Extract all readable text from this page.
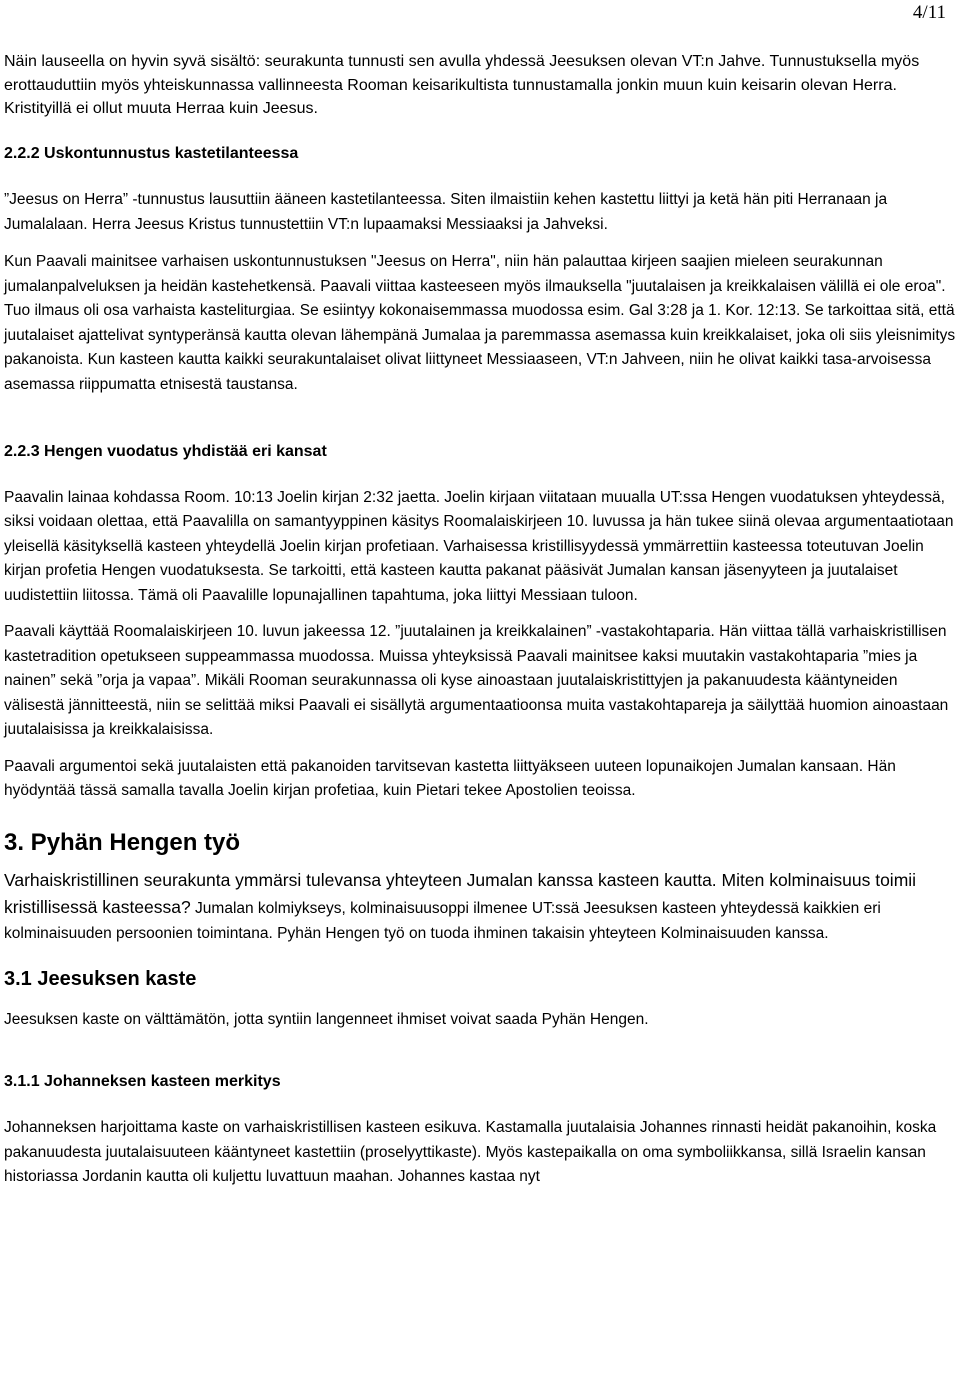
4/11

Näin lauseella on hyvin syvä sisältö: seurakunta tunnusti sen avulla yhdessä Jeesuksen olevan VT:n Jahve. Tunnustuksella myös erottauduttiin myös yhteiskunnassa vallinneesta Rooman keisarikultista tunnustamalla jonkin muun kuin keisarin olevan Herra. Kristityillä ei ollut muuta Herraa kuin Jeesus.

2.2.2 Uskontunnustus kastetilanteessa

”Jeesus on Herra” -tunnustus lausuttiin ääneen kastetilanteessa. Siten ilmaistiin kehen kastettu liittyi ja ketä hän piti Herranaan ja Jumalalaan. Herra Jeesus Kristus tunnustettiin VT:n lupaamaksi Messiaaksi ja Jahveksi.

Kun Paavali mainitsee varhaisen uskontunnustuksen "Jeesus on Herra", niin hän palauttaa kirjeen saajien mieleen seurakunnan jumalanpalveluksen ja heidän kastehetkensä. Paavali viittaa kasteeseen myös ilmauksella "juutalaisen ja kreikkalaisen välillä ei ole eroa". Tuo ilmaus oli osa varhaista kasteliturgiaa. Se esiintyy kokonaisemmassa muodossa esim. Gal 3:28 ja 1. Kor. 12:13. Se tarkoittaa sitä, että juutalaiset ajattelivat syntyperänsä kautta olevan lähempänä Jumalaa ja paremmassa asemassa kuin kreikkalaiset, joka oli siis yleisnimitys pakanoista. Kun kasteen kautta kaikki seurakuntalaiset olivat liittyneet Messiaaseen, VT:n Jahveen, niin he olivat kaikki tasa-arvoisessa asemassa riippumatta etnisestä taustansa.

2.2.3 Hengen vuodatus yhdistää eri kansat

Paavalin lainaa kohdassa Room. 10:13 Joelin kirjan 2:32 jaetta. Joelin kirjaan viitataan muualla UT:ssa Hengen vuodatuksen yhteydessä, siksi voidaan olettaa, että Paavalilla on samantyyppinen käsitys Roomalaiskirjeen 10. luvussa ja hän tukee siinä olevaa argumentaatiotaan yleisellä käsityksellä kasteen yhteydellä Joelin kirjan profetiaan. Varhaisessa kristillisyydessä ymmärrettiin kasteessa toteutuvan Joelin kirjan profetia Hengen vuodatuksesta. Se tarkoitti, että kasteen kautta pakanat pääsivät Jumalan kansan jäsenyyteen ja juutalaiset uudistettiin liitossa. Tämä oli Paavalille lopunajallinen tapahtuma, joka liittyi Messiaan tuloon.

Paavali käyttää Roomalaiskirjeen 10. luvun jakeessa 12. ”juutalainen ja kreikkalainen” -vastakohtaparia. Hän viittaa tällä varhaiskristillisen kastetradition opetukseen suppeammassa muodossa. Muissa yhteyksissä Paavali mainitsee kaksi muutakin vastakohtaparia ”mies ja nainen” sekä ”orja ja vapaa”. Mikäli Rooman seurakunnassa oli kyse ainoastaan juutalaiskristittyjen ja pakanuudesta kääntyneiden välisestä jännitteestä, niin se selittää miksi Paavali ei sisällytä argumentaatioonsa muita vastakohtapareja ja säilyttää huomion ainoastaan juutalaisissa ja kreikkalaisissa.

Paavali argumentoi sekä juutalaisten että pakanoiden tarvitsevan kastetta liittyäkseen uuteen lopunaikojen Jumalan kansaan. Hän hyödyntää tässä samalla tavalla Joelin kirjan profetiaa, kuin Pietari tekee Apostolien teoissa.

3. Pyhän Hengen työ

Varhaiskristillinen seurakunta ymmärsi tulevansa yhteyteen Jumalan kanssa kasteen kautta. Miten kolminaisuus toimii kristillisessä kasteessa? Jumalan kolmiykseys, kolminaisuusoppi ilmenee UT:ssä Jeesuksen kasteen yhteydessä kaikkien eri kolminaisuuden persoonien toimintana. Pyhän Hengen työ on tuoda ihminen takaisin yhteyteen Kolminaisuuden kanssa.

3.1 Jeesuksen kaste

Jeesuksen kaste on välttämätön, jotta syntiin langenneet ihmiset voivat saada Pyhän Hengen.

3.1.1 Johanneksen kasteen merkitys

Johanneksen harjoittama kaste on varhaiskristillisen kasteen esikuva. Kastamalla juutalaisia Johannes rinnasti heidät pakanoihin, koska pakanuudesta juutalaisuuteen kääntyneet kastettiin (proselyyttikaste). Myös kastepaikalla on oma symboliikkansa, sillä Israelin kansan historiassa Jordanin kautta oli kuljettu luvattuun maahan. Johannes kastaa nyt
